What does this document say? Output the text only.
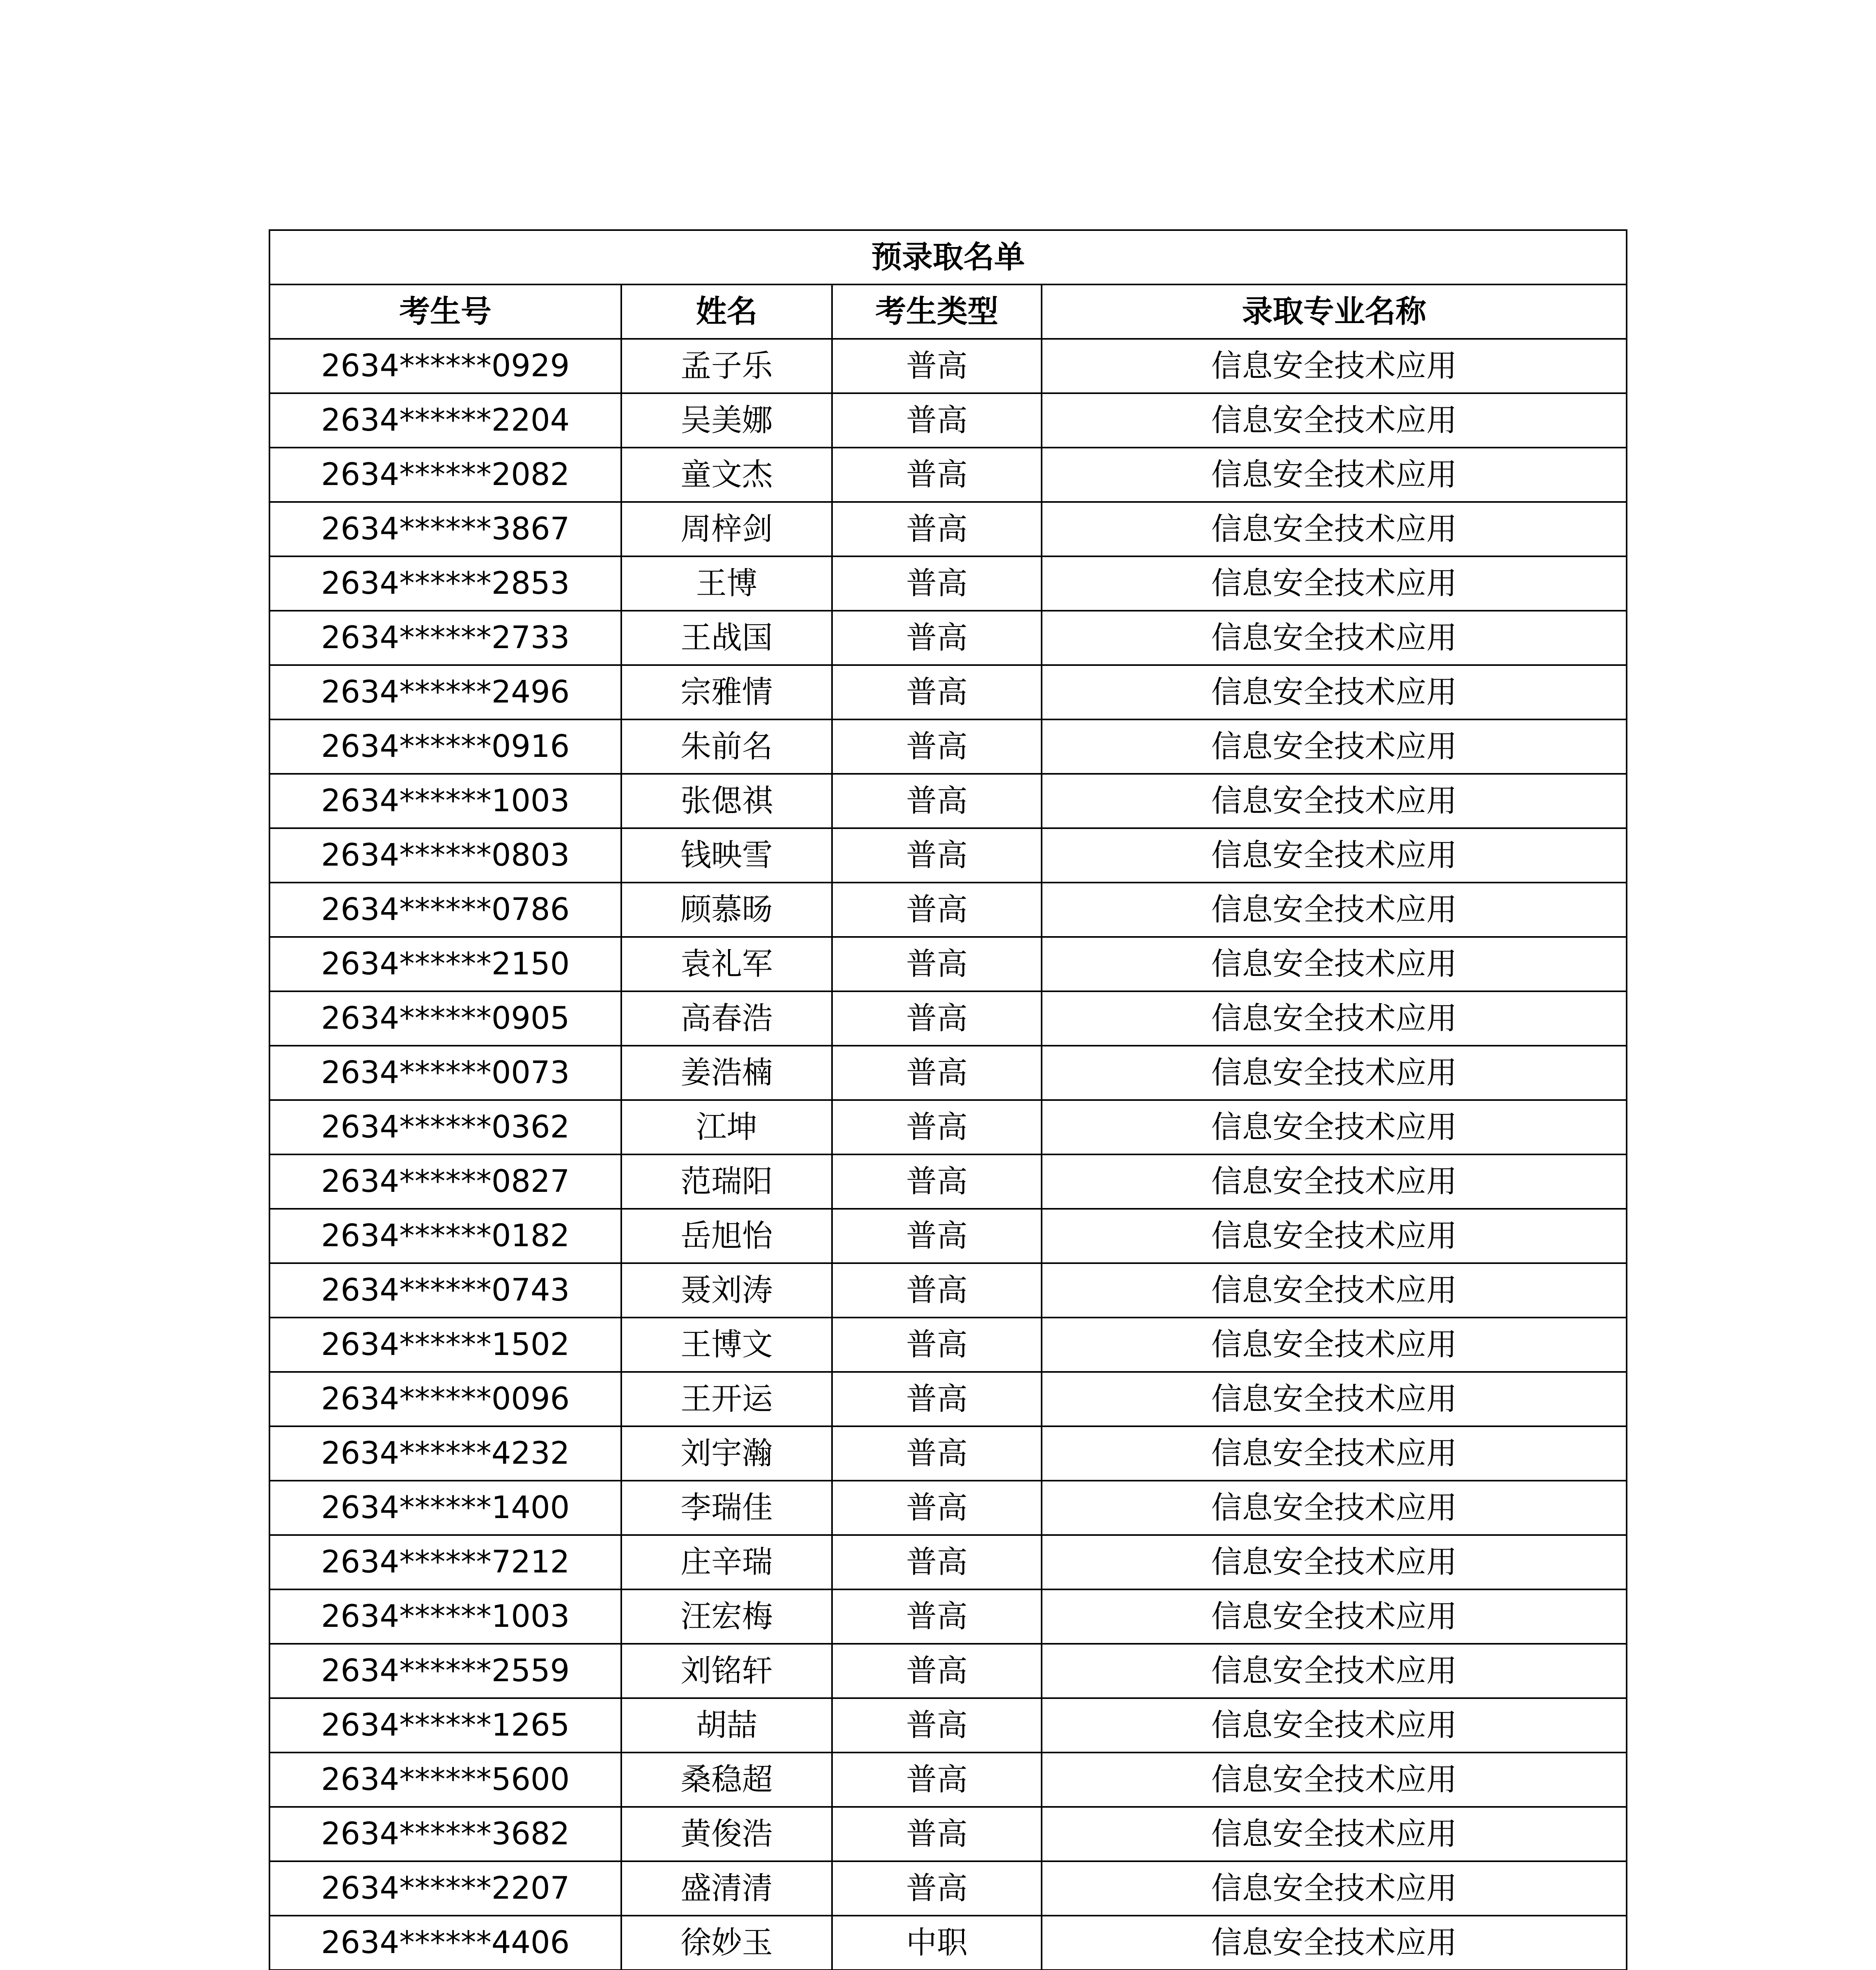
预录取名单			
考生号	姓名	考生类型	录取专业名称
2634******0929	孟子乐	普高	信息安全技术应用
2634******2204	吴美娜	普高	信息安全技术应用
2634******2082	童文杰	普高	信息安全技术应用
2634******3867	周梓剑	普高	信息安全技术应用
2634******2853	王博	普高	信息安全技术应用
2634******2733	王战国	普高	信息安全技术应用
2634******2496	宗雅情	普高	信息安全技术应用
2634******0916	朱前名	普高	信息安全技术应用
2634******1003	张偲祺	普高	信息安全技术应用
2634******0803	钱映雪	普高	信息安全技术应用
2634******0786	顾慕旸	普高	信息安全技术应用
2634******2150	袁礼军	普高	信息安全技术应用
2634******0905	高春浩	普高	信息安全技术应用
2634******0073	姜浩楠	普高	信息安全技术应用
2634******0362	江坤	普高	信息安全技术应用
2634******0827	范瑞阳	普高	信息安全技术应用
2634******0182	岳旭怡	普高	信息安全技术应用
2634******0743	聂刘涛	普高	信息安全技术应用
2634******1502	王博文	普高	信息安全技术应用
2634******0096	王开运	普高	信息安全技术应用
2634******4232	刘宇瀚	普高	信息安全技术应用
2634******1400	李瑞佳	普高	信息安全技术应用
2634******7212	庄辛瑞	普高	信息安全技术应用
2634******1003	汪宏梅	普高	信息安全技术应用
2634******2559	刘铭轩	普高	信息安全技术应用
2634******1265	胡喆	普高	信息安全技术应用
2634******5600	桑稳超	普高	信息安全技术应用
2634******3682	黄俊浩	普高	信息安全技术应用
2634******2207	盛清清	普高	信息安全技术应用
2634******4406	徐妙玉	中职	信息安全技术应用
